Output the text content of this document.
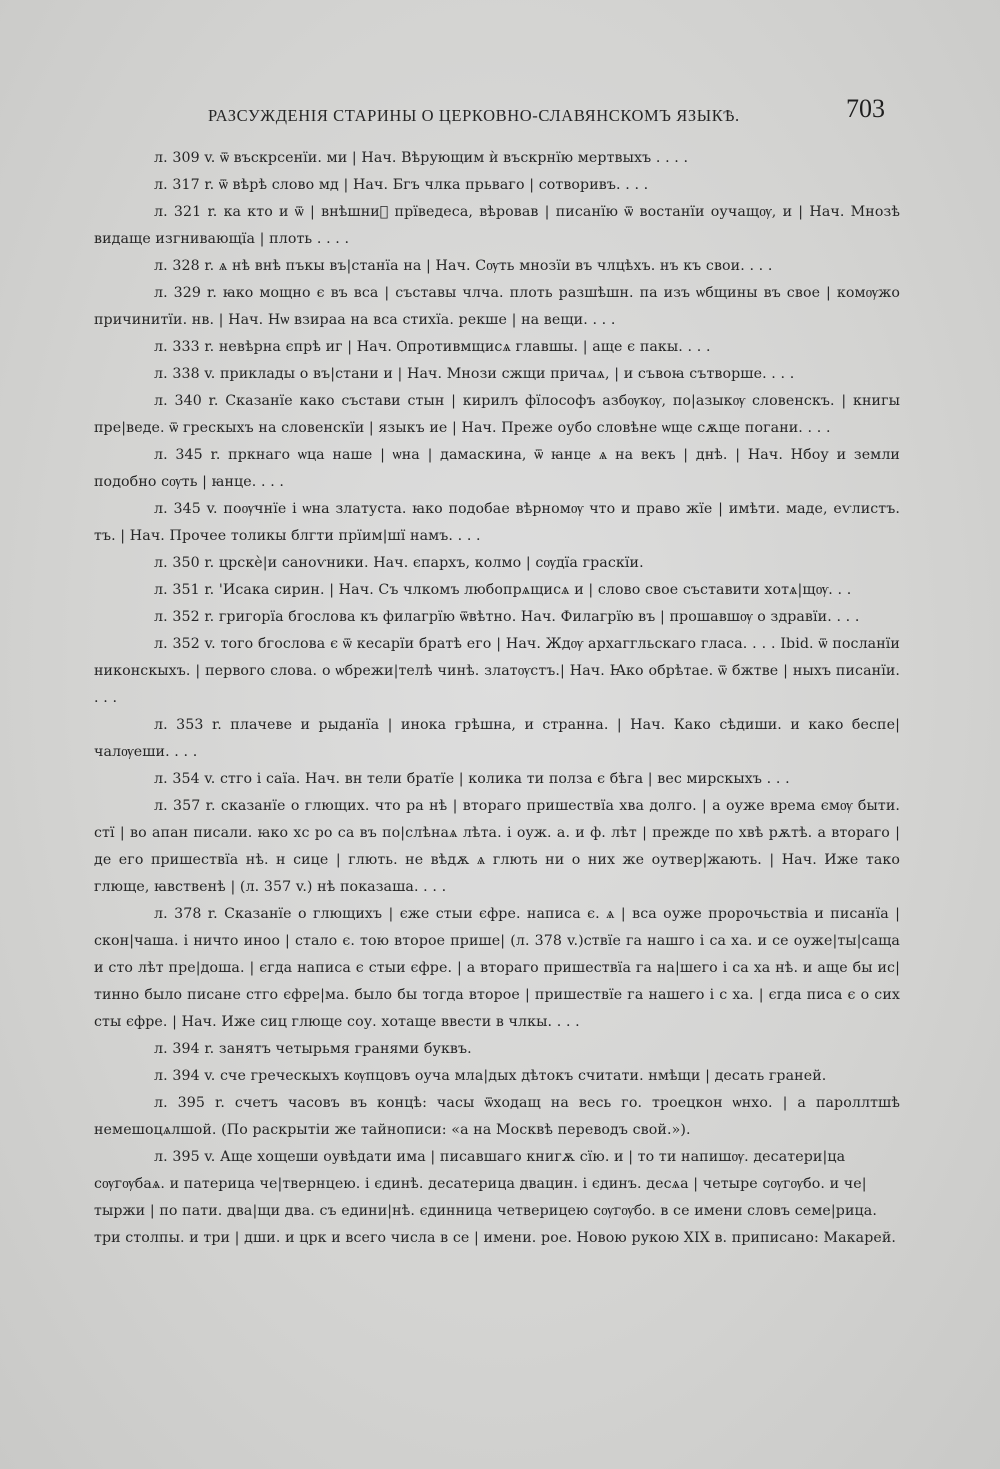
РАЗСУЖДЕНІЯ СТАРИНЫ О ЦЕРКОВНО-СЛАВЯНСКОМЪ ЯЗЫКѢ.	703

л. 309 v. ѿ въскрсенїи. ми | Нач. Вѣрующим ѝ въскрнїю мертвыхъ . . . .

л. 317 r. ѿ вѣрѣ слово мд | Нач. Бгъ члка прьваго | сотворивъ. . . .

л. 321 r. ка кто и ѿ | внѣшниⷯ прїведеса, вѣровав | писанїю ѿ востанїи оучащѹ, и | Нач. Мнозѣ видаще изгнивающїа | плоть . . . .

л. 328 r. ѧ нѣ внѣ пъкы въ|станїа на | Нач. Сѹть мнозїи въ члцѣхъ. нъ къ свои. . . .

л. 329 r. ꙗко мощно є въ вса | съставы члча. плоть разшѣшн. па изъ ѡбщины въ свое | комѹжо причинитїи. нв. | Нач. Нѡ взираа на вса стихїа. рекше | на вещи. . . .

л. 333 r. невѣрна єпрѣ иг | Нач. Ѻпротивмщисѧ главшы. | аще є пакы. . . .

л. 338 v. приклады о въ|стани и | Нач. Мнози сжщи причаѧ, | и съвоꙗ сътворше. . . .

л. 340 r. Сказанїе како състави стын | кирилъ фїлософъ азбѹкѹ, по|азыкѹ словенскъ. | книгы пре|веде. ѿ грескыхъ на словенскїи | языкъ ие | Нач. Преже оубо словѣне ѡще сѫще погани. . . .

л. 345 r. пркнаго ѡца наше | ѡна | дамаскина, ѿ ꙗнце ѧ на векъ | днѣ. | Нач. Нбоу и земли подобно сѹть | ꙗнце. . . .

л. 345 v. поѹчнїе і ѡна златуста. ꙗко подобае вѣрномѹ что и право жїе | имѣти. маде, еѵлистъ. тъ. | Нач. Прочее толикы блгти прїим|шї намъ. . . .

л. 350 r. црскѐ|и саноѵники. Нач. єпархъ, колмо | сѹдїа граскїи.

л. 351 r. 'Исака сирин. | Нач. Съ члкомъ любопрѧщисѧ и | слово свое съставити хотѧ|щѹ. . .

л. 352 r. григорїа бгослова къ филагрїю ѿвѣтно. Нач. Филагрїю въ | прошавшѹ о здравїи. . . .

л. 352 v. того бгослова є ѿ кесарїи братѣ его | Нач. Ждѹ архаггльскаго гласа. . . . Ibid. ѿ посланїи никонскыхъ. | первого слова. о ѡбрежи|телѣ чинѣ. златѹстъ.| Нач. Ꙗко обрѣтае. ѿ бжтве | ныхъ писанїи. . . .

л. 353 r. плачеве и рыданїа | инока грѣшна, и странна. | Нач. Како сѣдиши. и како беспе|чалѹеши. . . .

л. 354 v. стго і саїа. Нач. вн тели братїе | колика ти полза є бѣга | вес мирскыхъ . . .

л. 357 r. сказанїе о глющих. что ра нѣ | вторaго пришествїа хва долго. | а оужe врема ємѹ быти. стї | во апан писали. ꙗко хс ро са въ по|слѣнаѧ лѣта. і оуж. а. и ф. лѣт | прежде по хвѣ рѫтѣ. а втораго | де его пришествїа нѣ. н сице | глють. не вѣдѫ ѧ глють ни о них же оутвер|жають. | Нач. Иже тако глюще, ꙗвственѣ | (л. 357 v.) нѣ показаша. . . .

л. 378 r. Сказанїе о глющихъ | єже стыи єфре. написа є. ѧ | вса оуже пророчьствіа и писанїа | скон|чаша. і ничто иноо | стало є. тою второе прише| (л. 378 v.)ствїе га нашго і са ха. и се оуже|ты|саща и сто лѣт пре|доша. | єгда написа є стыи єфре. | а втораго пришествїа га на|шего і са ха нѣ. и аще бы ис|тинно было писане стго єфре|ма. было бы тогда второе | пришествїе га нашего і с ха. | єгда писа є о сих сты єфре. | Нач. Иже сиц глюще соу. хотаще ввести в члкы. . . .

л. 394 r. занятъ четырьмя гранями буквъ.

л. 394 v. сче греческыхъ кѹпцовъ оуча мла|дых дѣтокъ считати. нмѣщи | десать граней.

л. 395 r. счетъ часовъ въ концѣ: часы ѿходащ на весь го. троецкон ѡнхо. | а пароллтшѣ немешоцѧлшой. (По раскрытіи же тайнописи: «а на Москвѣ переводъ свой.»).

л. 395 v. Аще хощеши оувѣдати има | писавшаго книгѫ сїю. и | то ти напишѹ. десатери|ца сѹгѹбаѧ. и патерица че|твернцею. і єдинѣ. десатерица двацин. і єдинъ. десѧа | четыре сѹгѹбо. и че|тыржи | по пати. два|щи два. съ едини|нѣ. єдинница четверицею сѹгѹбо. в се имени словъ семе|рица. три столпы. и три | дши. и црк и всего числа в се | имени. рое. Новою рукою XIX в. приписано: Макарей.
